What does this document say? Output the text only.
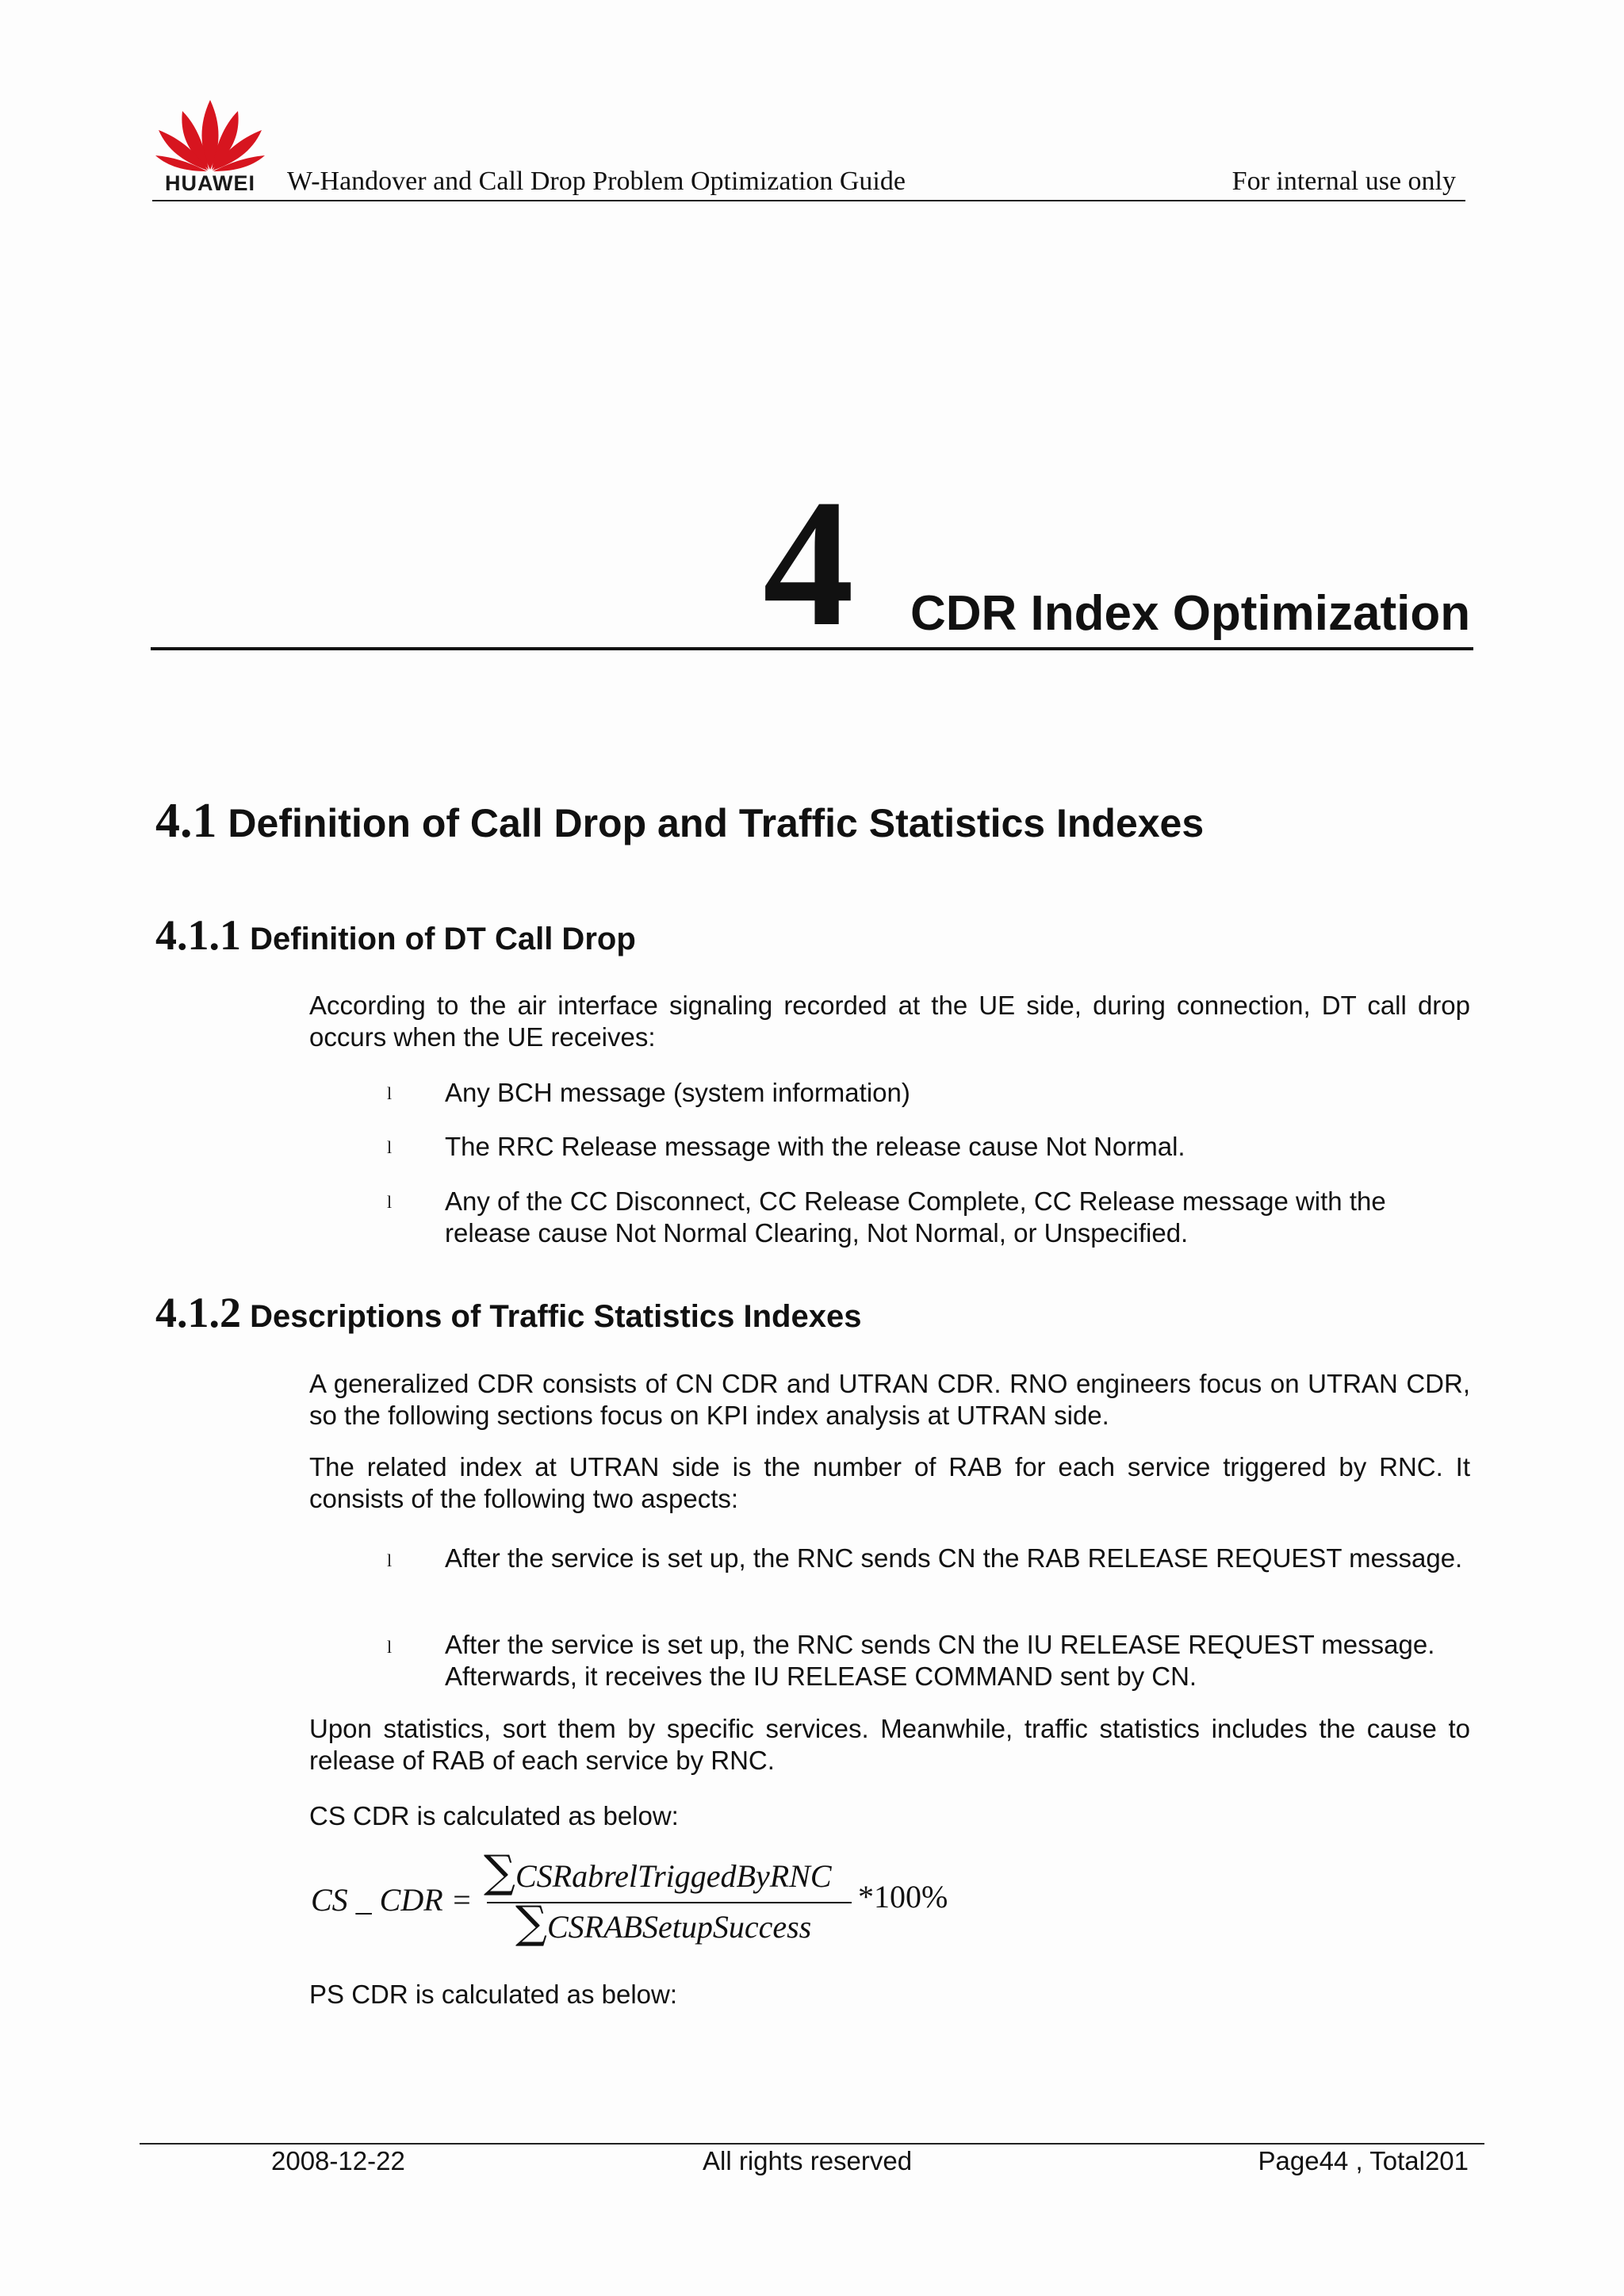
HUAWEI	W-Handover and Call Drop Problem Optimization Guide	For internal use only
4 CDR Index Optimization
4.1 Definition of Call Drop and Traffic Statistics Indexes
4.1.1 Definition of DT Call Drop
According to the air interface signaling recorded at the UE side, during connection, DT call drop occurs when the UE receives:
l Any BCH message (system information)
l The RRC Release message with the release cause Not Normal.
l Any of the CC Disconnect, CC Release Complete, CC Release message with the release cause Not Normal Clearing, Not Normal, or Unspecified.
4.1.2 Descriptions of Traffic Statistics Indexes
A generalized CDR consists of CN CDR and UTRAN CDR. RNO engineers focus on UTRAN CDR, so the following sections focus on KPI index analysis at UTRAN side.
The related index at UTRAN side is the number of RAB for each service triggered by RNC. It consists of the following two aspects:
l After the service is set up, the RNC sends CN the RAB RELEASE REQUEST message.
l After the service is set up, the RNC sends CN the IU RELEASE REQUEST message. Afterwards, it receives the IU RELEASE COMMAND sent by CN.
Upon statistics, sort them by specific services. Meanwhile, traffic statistics includes the cause to release of RAB of each service by RNC.
CS CDR is calculated as below:
CS _ CDR =
∑CSRabrelTriggedByRNC
∑CSRABSetupSuccess
*100%
PS CDR is calculated as below:
2008-12-22	All rights reserved	Page44 , Total201
